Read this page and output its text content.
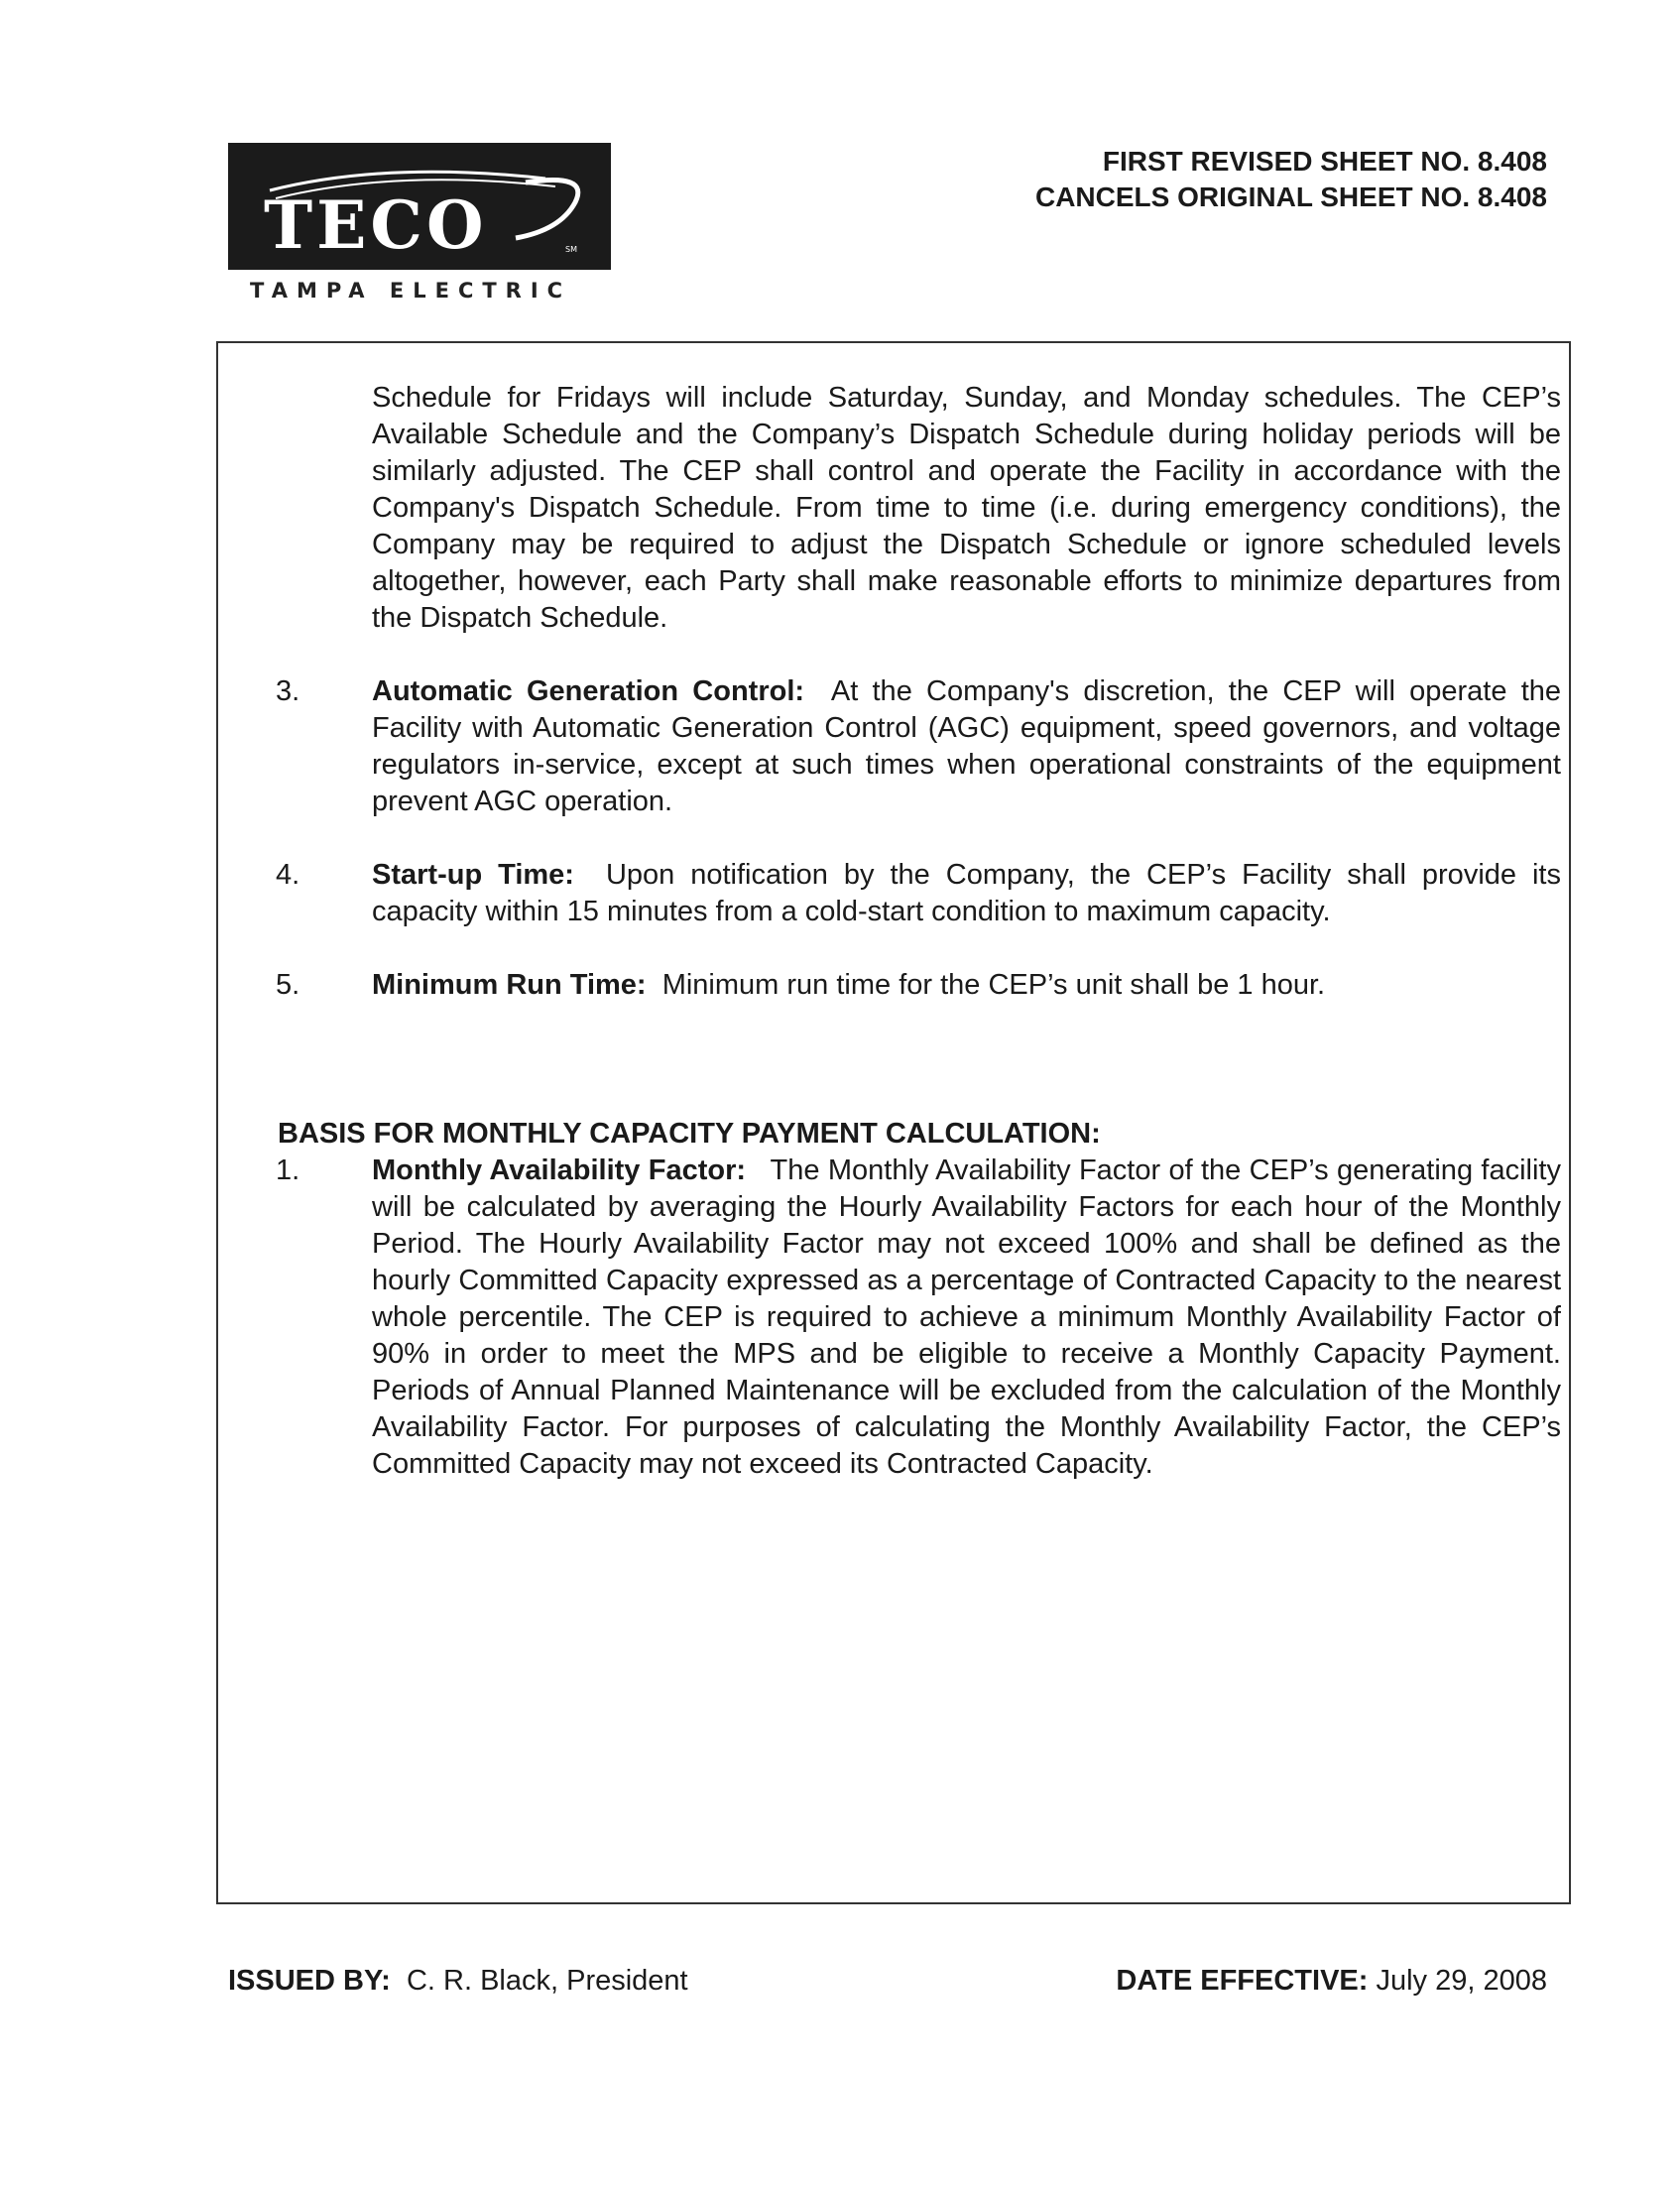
TECO	SM
TAMPA ELECTRIC
FIRST REVISED SHEET NO. 8.408
CANCELS ORIGINAL SHEET NO. 8.408
Schedule for Fridays will include Saturday, Sunday, and Monday schedules. The CEP’s Available Schedule and the Company’s Dispatch Schedule during holiday periods will be similarly adjusted. The CEP shall control and operate the Facility in accordance with the Company's Dispatch Schedule. From time to time (i.e. during emergency conditions), the Company may be required to adjust the Dispatch Schedule or ignore scheduled levels altogether, however, each Party shall make reasonable efforts to minimize departures from the Dispatch Schedule.
3.	Automatic Generation Control: At the Company's discretion, the CEP will operate the Facility with Automatic Generation Control (AGC) equipment, speed governors, and voltage regulators in-service, except at such times when operational constraints of the equipment prevent AGC operation.
4.	Start-up Time: Upon notification by the Company, the CEP’s Facility shall provide its capacity within 15 minutes from a cold-start condition to maximum capacity.
5.	Minimum Run Time: Minimum run time for the CEP’s unit shall be 1 hour.
BASIS FOR MONTHLY CAPACITY PAYMENT CALCULATION:
1.	Monthly Availability Factor: The Monthly Availability Factor of the CEP’s generating facility will be calculated by averaging the Hourly Availability Factors for each hour of the Monthly Period. The Hourly Availability Factor may not exceed 100% and shall be defined as the hourly Committed Capacity expressed as a percentage of Contracted Capacity to the nearest whole percentile. The CEP is required to achieve a minimum Monthly Availability Factor of 90% in order to meet the MPS and be eligible to receive a Monthly Capacity Payment. Periods of Annual Planned Maintenance will be excluded from the calculation of the Monthly Availability Factor. For purposes of calculating the Monthly Availability Factor, the CEP’s Committed Capacity may not exceed its Contracted Capacity.
ISSUED BY: C. R. Black, President	DATE EFFECTIVE: July 29, 2008
